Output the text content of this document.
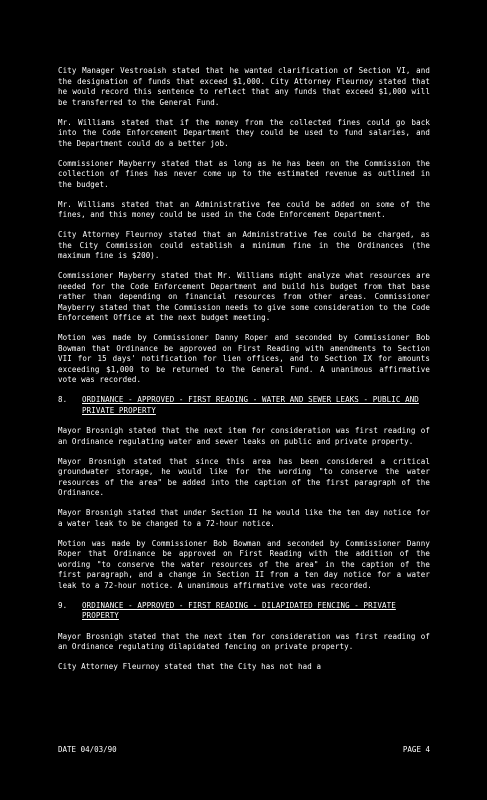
City Manager Vestroaish stated that he wanted clarification of Section VI, and the designation of funds that exceed $1,000. City Attorney Fleurnoy stated that he would record this sentence to reflect that any funds that exceed $1,000 will be transferred to the General Fund.

Mr. Williams stated that if the money from the collected fines could go back into the Code Enforcement Department they could be used to fund salaries, and the Department could do a better job.

Commissioner Mayberry stated that as long as he has been on the Commission the collection of fines has never come up to the estimated revenue as outlined in the budget.

Mr. Williams stated that an Administrative fee could be added on some of the fines, and this money could be used in the Code Enforcement Department.

City Attorney Fleurnoy stated that an Administrative fee could be charged, as the City Commission could establish a minimum fine in the Ordinances (the maximum fine is $200).

Commissioner Mayberry stated that Mr. Williams might analyze what resources are needed for the Code Enforcement Department and build his budget from that base rather than depending on financial resources from other areas. Commissioner Mayberry stated that the Commission needs to give some consideration to the Code Enforcement Office at the next budget meeting.

Motion was made by Commissioner Danny Roper and seconded by Commissioner Bob Bowman that Ordinance be approved on First Reading with amendments to Section VII for 15 days' notification for lien offices, and to Section IX for amounts exceeding $1,000 to be returned to the General Fund. A unanimous affirmative vote was recorded.

8.	ORDINANCE - APPROVED - FIRST READING - WATER AND SEWER LEAKS - PUBLIC AND PRIVATE PROPERTY

Mayor Brosnigh stated that the next item for consideration was first reading of an Ordinance regulating water and sewer leaks on public and private property.

Mayor Brosnigh stated that since this area has been considered a critical groundwater storage, he would like for the wording "to conserve the water resources of the area" be added into the caption of the first paragraph of the Ordinance.

Mayor Brosnigh stated that under Section II he would like the ten day notice for a water leak to be changed to a 72-hour notice.

Motion was made by Commissioner Bob Bowman and seconded by Commissioner Danny Roper that Ordinance be approved on First Reading with the addition of the wording "to conserve the water resources of the area" in the caption of the first paragraph, and a change in Section II from a ten day notice for a water leak to a 72-hour notice. A unanimous affirmative vote was recorded.

9.	ORDINANCE - APPROVED - FIRST READING - DILAPIDATED FENCING - PRIVATE PROPERTY

Mayor Brosnigh stated that the next item for consideration was first reading of an Ordinance regulating dilapidated fencing on private property.

City Attorney Fleurnoy stated that the City has not had a

DATE 04/03/90	PAGE 4
